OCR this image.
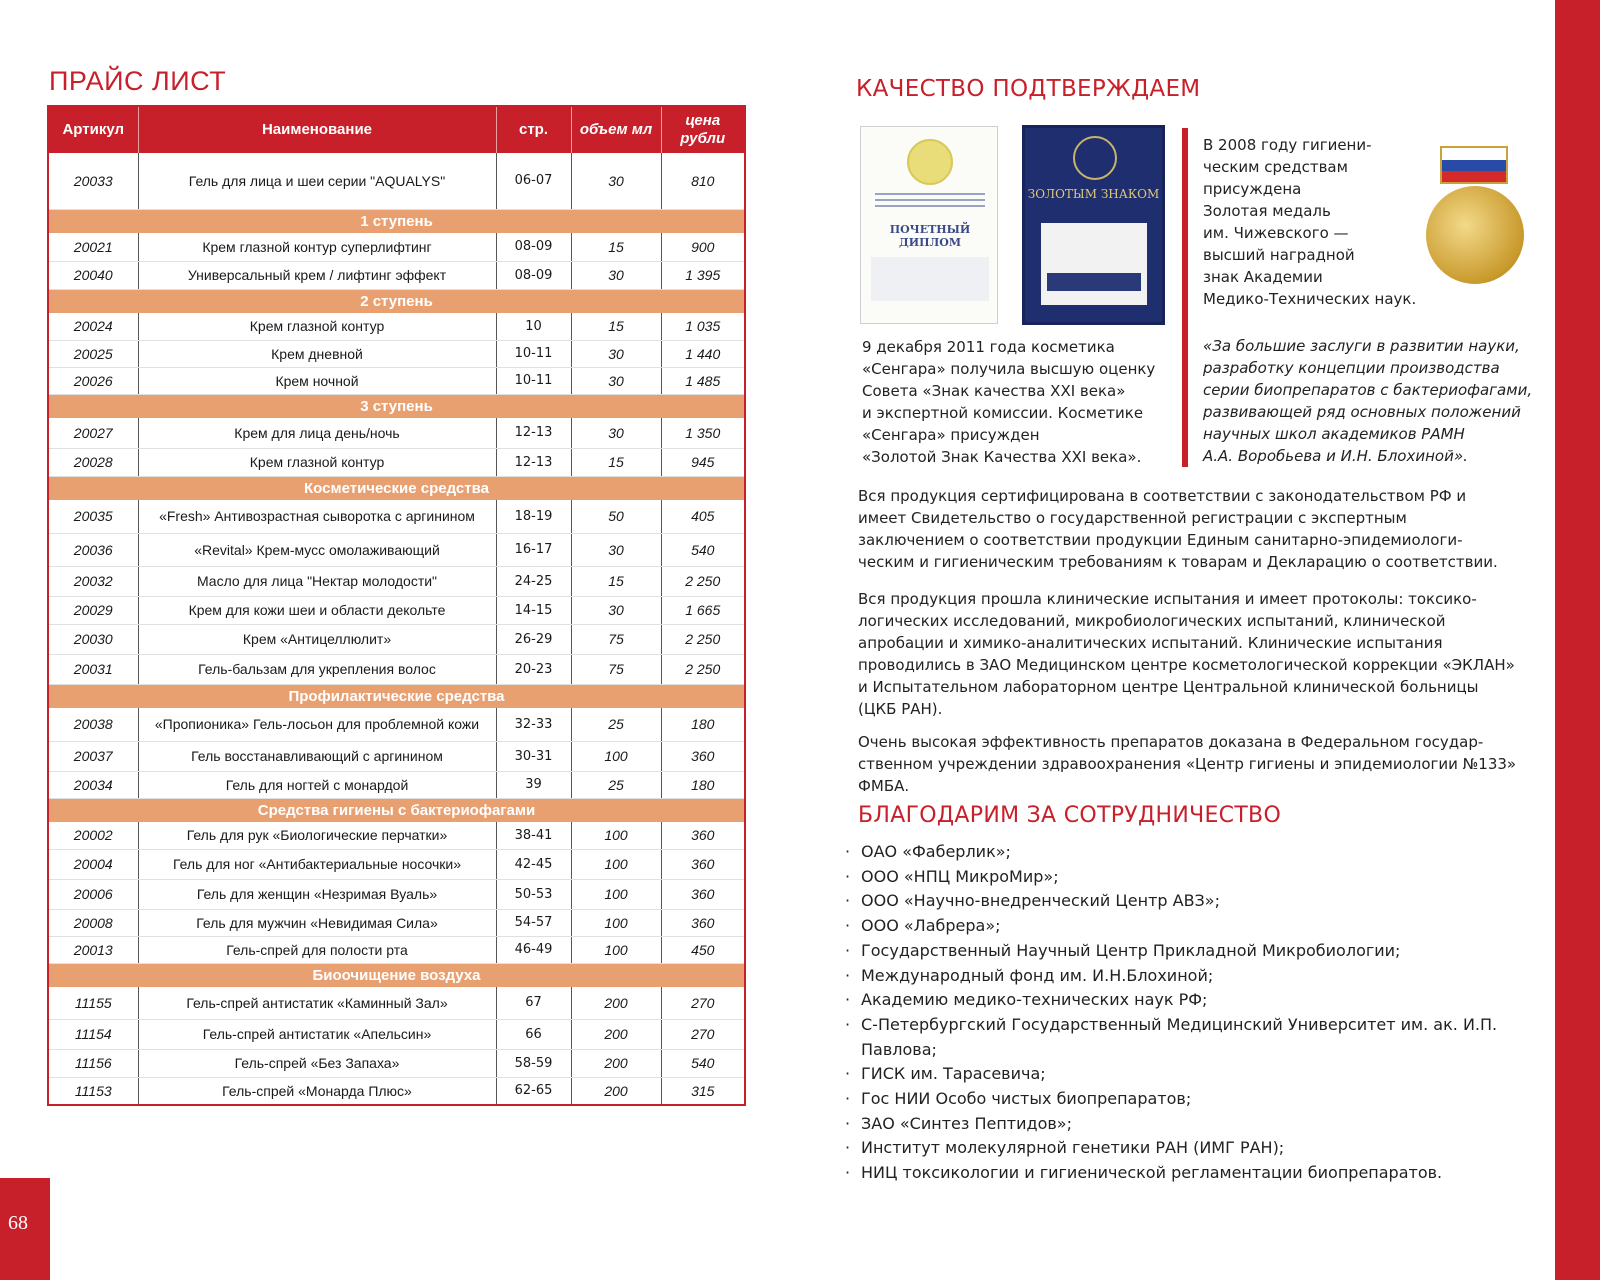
68
ПРАЙС ЛИСТ
Артикул	Наименование	стр.	объем мл	цена рубли
20033	Гель для лица и шеи серии "AQUALYS"	06-07	30	810
1 ступень				
20021	Крем глазной контур суперлифтинг	08-09	15	900
20040	Универсальный крем / лифтинг эффект	08-09	30	1 395
2 ступень				
20024	Крем глазной контур	10	15	1 035
20025	Крем дневной	10-11	30	1 440
20026	Крем ночной	10-11	30	1 485
3 ступень				
20027	Крем для лица день/ночь	12-13	30	1 350
20028	Крем глазной контур	12-13	15	945
Косметические средства				
20035	«Fresh» Антивозрастная сыворотка с аргинином	18-19	50	405
20036	«Revital» Крем-мусс омолаживающий	16-17	30	540
20032	Масло для лица "Нектар молодости"	24-25	15	2 250
20029	Крем для кожи шеи и области декольте	14-15	30	1 665
20030	Крем «Антицеллюлит»	26-29	75	2 250
20031	Гель-бальзам для укрепления волос	20-23	75	2 250
Профилактические средства				
20038	«Пропионика» Гель-лосьон для проблемной кожи	32-33	25	180
20037	Гель восстанавливающий с аргинином	30-31	100	360
20034	Гель для ногтей с монардой	39	25	180
Средства гигиены с бактериофагами				
20002	Гель для рук «Биологические перчатки»	38-41	100	360
20004	Гель для ног «Антибактериальные носочки»	42-45	100	360
20006	Гель для женщин «Незримая Вуаль»	50-53	100	360
20008	Гель для мужчин «Невидимая Сила»	54-57	100	360
20013	Гель-спрей для полости рта	46-49	100	450
Биоочищение воздуха				
11155	Гель-спрей антистатик «Каминный Зал»	67	200	270
11154	Гель-спрей антистатик «Апельсин»	66	200	270
11156	Гель-спрей «Без Запаха»	58-59	200	540
11153	Гель-спрей «Монарда Плюс»	62-65	200	315
КАЧЕСТВО ПОДТВЕРЖДАЕМ
ПОЧЕТНЫЙ ДИПЛОМ
ЗОЛОТЫМ ЗНАКОМ
9 декабря 2011 года косметика
«Сенгара» получила высшую оценку
Совета «Знак качества XXI века»
и экспертной комиссии. Косметике
«Сенгара» присужден
«Золотой Знак Качества XXI века».
В 2008 году гигиени-
ческим средствам
присуждена
Золотая медаль
им. Чижевского —
высший наградной
знак Академии
Медико-Технических наук.
«За большие заслуги в развитии науки,
разработку концепции производства
серии биопрепаратов с бактериофагами,
развивающей ряд основных положений
научных школ академиков РАМН
А.А. Воробьева и И.Н. Блохиной».
Вся продукция сертифицирована в соответствии с законодательством РФ и имеет Свидетельство о государственной регистрации с экспертным заключением о соответствии продукции Единым санитарно-эпидемиологи-ческим и гигиеническим требованиям к товарам и Декларацию о соответствии.
Вся продукция прошла клинические испытания и имеет протоколы: токсико-логических исследований, микробиологических испытаний, клинической апробации и химико-аналитических испытаний. Клинические испытания проводились в ЗАО Медицинском центре косметологической коррекции «ЭКЛАН» и Испытательном лабораторном центре Центральной клинической больницы (ЦКБ РАН).
Очень высокая эффективность препаратов доказана в Федеральном государ-ственном учреждении здравоохранения «Центр гигиены и эпидемиологии №133» ФМБА.
БЛАГОДАРИМ ЗА СОТРУДНИЧЕСТВО
· ОАО «Фаберлик»;
· ООО «НПЦ МикроМир»;
· ООО «Научно-внедренческий Центр АВЗ»;
· ООО «Лабрера»;
· Государственный Научный Центр Прикладной Микробиологии;
· Международный фонд им. И.Н.Блохиной;
· Академию медико-технических наук РФ;
· С-Петербургский Государственный Медицинский Университет им. ак. И.П. Павлова;
· ГИСК им. Тарасевича;
· Гос НИИ Особо чистых биопрепаратов;
· ЗАО «Синтез Пептидов»;
· Институт молекулярной генетики РАН (ИМГ РАН);
· НИЦ токсикологии и гигиенической регламентации биопрепаратов.
